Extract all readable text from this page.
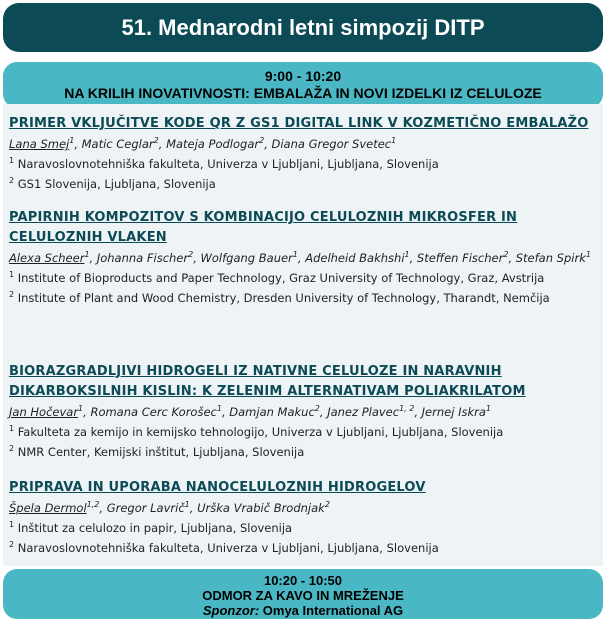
51. Mednarodni letni simpozij DITP
9:00 - 10:20
NA KRILIH INOVATIVNOSTI: EMBALAŽA IN NOVI IZDELKI IZ CELULOZE
PRIMER VKLJUČITVE KODE QR Z GS1 DIGITAL LINK V KOZMETIČNO EMBALAŽO
Lana Smej$^1$, Matic Ceglar$^2$, Mateja Podlogar$^2$, Diana Gregor Svetec$^1$
$^1$ Naravoslovnotehniška fakulteta, Univerza v Ljubljani, Ljubljana, Slovenija
$^2$ GS1 Slovenija, Ljubljana, Slovenija
PAPIRNIH KOMPOZITOV S KOMBINACIJO CELULOZNIH MIKROSFER IN CELULOZNIH VLAKEN
Alexa Scheer$^1$, Johanna Fischer$^2$, Wolfgang Bauer$^1$, Adelheid Bakhshi$^1$, Steffen Fischer$^2$, Stefan Spirk$^1$
$^1$ Institute of Bioproducts and Paper Technology, Graz University of Technology, Graz, Avstrija
$^2$ Institute of Plant and Wood Chemistry, Dresden University of Technology, Tharandt, Nemčija
BIORAZGRADLJIVI HIDROGELI IZ NATIVNE CELULOZE IN NARAVNIH DIKARBOKSILNIH KISLIN: K ZELENIM ALTERNATIVAM POLIAKRILATOM
Jan Hočevar$^1$, Romana Cerc Korošec$^1$, Damjan Makuc$^2$, Janez Plavec$^{1, 2}$, Jernej Iskra$^1$
$^1$ Fakulteta za kemijo in kemijsko tehnologijo, Univerza v Ljubljani, Ljubljana, Slovenija
$^2$ NMR Center, Kemijski inštitut, Ljubljana, Slovenija
PRIPRAVA IN UPORABA NANOCELULOZNIH HIDROGELOV
Špela Dermol$^{1,2}$, Gregor Lavrič$^1$, Urška Vrabič Brodnjak$^2$
$^1$ Inštitut za celulozo in papir, Ljubljana, Slovenija
$^2$ Naravoslovnotehniška fakulteta, Univerza v Ljubljani, Ljubljana, Slovenija
10:20 - 10:50
ODMOR ZA KAVO IN MREŽENJE
Sponzor: Omya International AG
